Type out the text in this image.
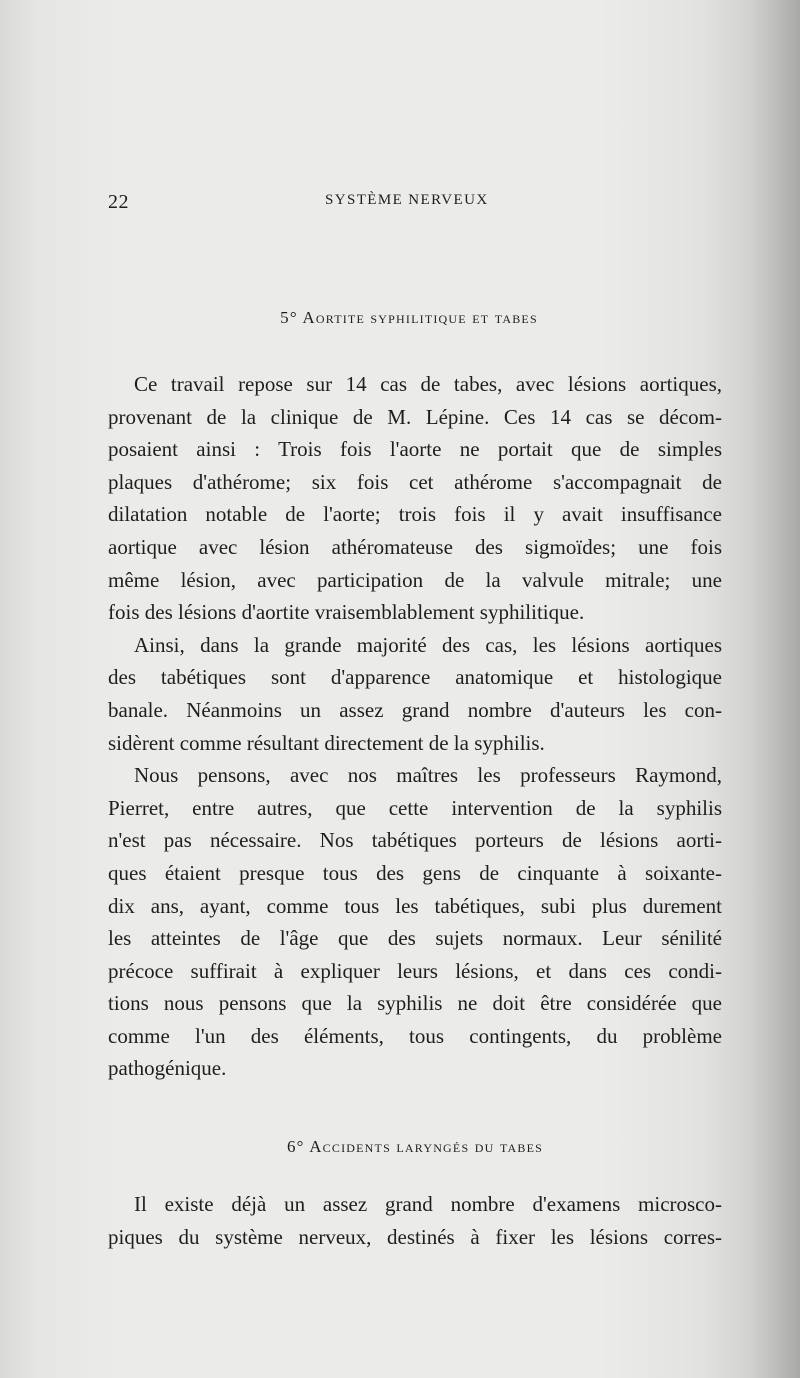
22	SYSTÈME NERVEUX
5° Aortite syphilitique et tabes
Ce travail repose sur 14 cas de tabes, avec lésions aortiques,
provenant de la clinique de M. Lépine. Ces 14 cas se décom-
posaient ainsi : Trois fois l'aorte ne portait que de simples
plaques d'athérome; six fois cet athérome s'accompagnait de
dilatation notable de l'aorte; trois fois il y avait insuffisance
aortique avec lésion athéromateuse des sigmoïdes; une fois
même lésion, avec participation de la valvule mitrale; une
fois des lésions d'aortite vraisemblablement syphilitique.
Ainsi, dans la grande majorité des cas, les lésions aortiques
des tabétiques sont d'apparence anatomique et histologique
banale. Néanmoins un assez grand nombre d'auteurs les con-
sidèrent comme résultant directement de la syphilis.
Nous pensons, avec nos maîtres les professeurs Raymond,
Pierret, entre autres, que cette intervention de la syphilis
n'est pas nécessaire. Nos tabétiques porteurs de lésions aorti-
ques étaient presque tous des gens de cinquante à soixante-
dix ans, ayant, comme tous les tabétiques, subi plus durement
les atteintes de l'âge que des sujets normaux. Leur sénilité
précoce suffirait à expliquer leurs lésions, et dans ces condi-
tions nous pensons que la syphilis ne doit être considérée que
comme l'un des éléments, tous contingents, du problème
pathogénique.
6° Accidents laryngés du tabes
Il existe déjà un assez grand nombre d'examens microsco-
piques du système nerveux, destinés à fixer les lésions corres-
